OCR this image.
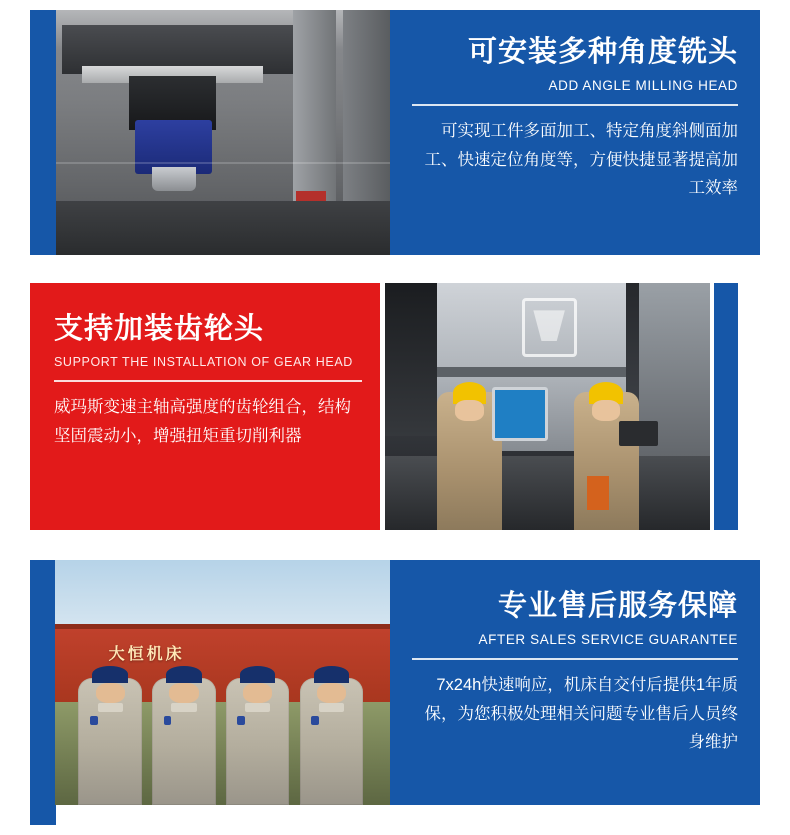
可安装多种角度铣头
ADD ANGLE MILLING HEAD
可实现工件多面加工、特定角度斜侧面加工、快速定位角度等，方便快捷显著提高加工效率
支持加装齿轮头
SUPPORT THE INSTALLATION OF GEAR HEAD
威玛斯变速主轴高强度的齿轮组合，结构坚固震动小，增强扭矩重切削利器
大恒机床
专业售后服务保障
AFTER SALES SERVICE GUARANTEE
7x24h快速响应，机床自交付后提供1年质保，为您积极处理相关问题专业售后人员终身维护
